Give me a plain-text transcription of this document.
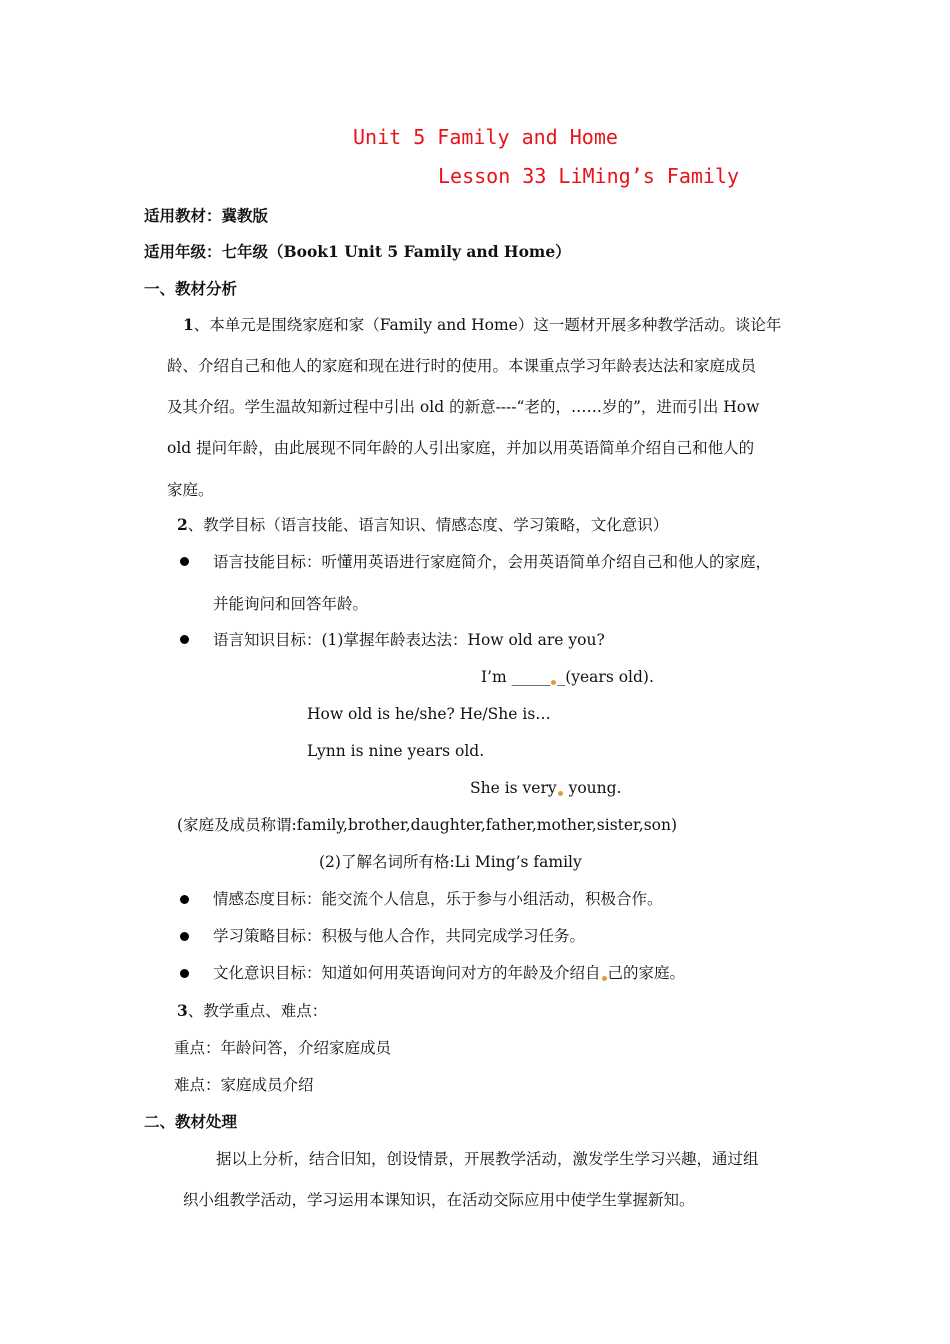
Unit 5 Family and Home
Lesson 33 LiMing’s Family
适用教材：冀教版
适用年级：七年级（Book1 Unit 5 Family and Home）
一、教材分析
1、本单元是围绕家庭和家（Family and Home）这一题材开展多种教学活动。谈论年
龄、介绍自己和他人的家庭和现在进行时的使用。本课重点学习年龄表达法和家庭成员
及其介绍。学生温故知新过程中引出 old 的新意----“老的，……岁的”，进而引出 How
old 提问年龄，由此展现不同年龄的人引出家庭，并加以用英语简单介绍自己和他人的
家庭。
2、教学目标（语言技能、语言知识、情感态度、学习策略，文化意识）
语言技能目标：听懂用英语进行家庭简介，会用英语简单介绍自己和他人的家庭，
并能询问和回答年龄。
语言知识目标：(1)掌握年龄表达法：How old are you?
I’m _____ _(years old).
How old is he/she? He/She is…
Lynn is nine years old.
She is very young.
(家庭及成员称谓:family,brother,daughter,father,mother,sister,son)
(2)了解名词所有格:Li Ming’s family
情感态度目标：能交流个人信息，乐于参与小组活动，积极合作。
学习策略目标：积极与他人合作，共同完成学习任务。
文化意识目标：知道如何用英语询问对方的年龄及介绍自 己的家庭。
3、教学重点、难点：
重点：年龄问答，介绍家庭成员
难点：家庭成员介绍
二、教材处理
据以上分析，结合旧知，创设情景，开展教学活动，激发学生学习兴趣，通过组
织小组教学活动，学习运用本课知识，在活动交际应用中使学生掌握新知。
